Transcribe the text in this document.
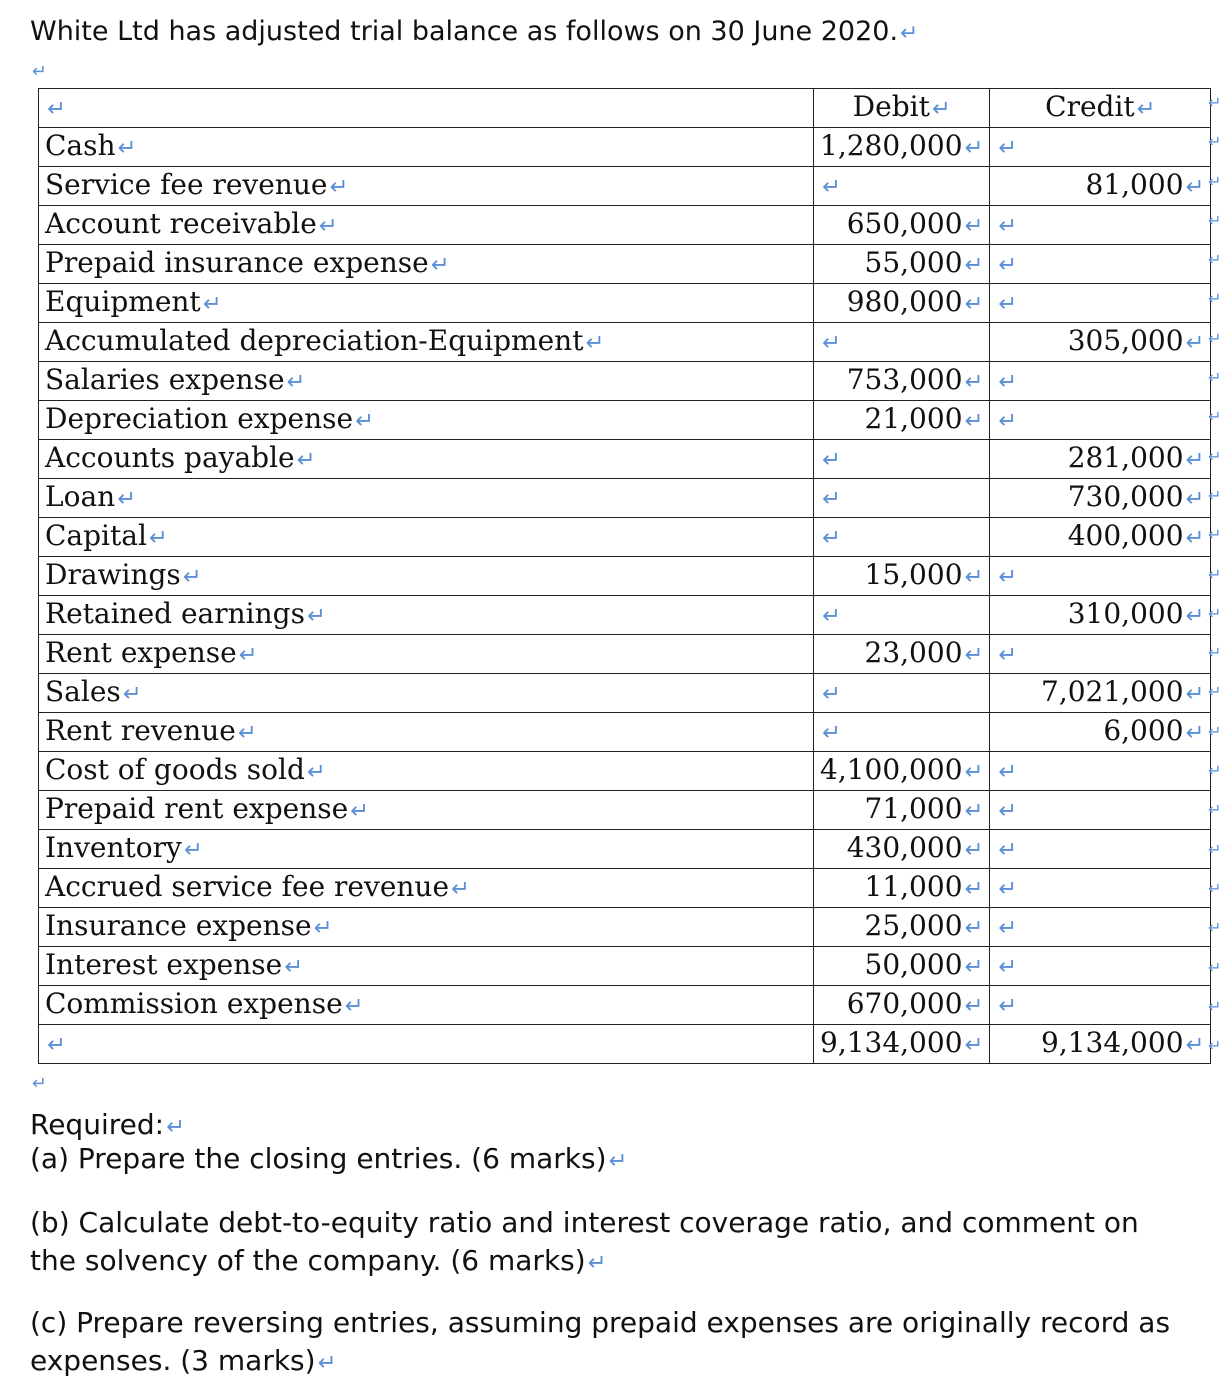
White Ltd has adjusted trial balance as follows on 30 June 2020.↵
↵
↵	Debit↵	Credit↵
Cash↵	1,280,000↵	↵
Service fee revenue↵	↵	81,000↵
Account receivable↵	650,000↵	↵
Prepaid insurance expense↵	55,000↵	↵
Equipment↵	980,000↵	↵
Accumulated depreciation-Equipment↵	↵	305,000↵
Salaries expense↵	753,000↵	↵
Depreciation expense↵	21,000↵	↵
Accounts payable↵	↵	281,000↵
Loan↵	↵	730,000↵
Capital↵	↵	400,000↵
Drawings↵	15,000↵	↵
Retained earnings↵	↵	310,000↵
Rent expense↵	23,000↵	↵
Sales↵	↵	7,021,000↵
Rent revenue↵	↵	6,000↵
Cost of goods sold↵	4,100,000↵	↵
Prepaid rent expense↵	71,000↵	↵
Inventory↵	430,000↵	↵
Accrued service fee revenue↵	11,000↵	↵
Insurance expense↵	25,000↵	↵
Interest expense↵	50,000↵	↵
Commission expense↵	670,000↵	↵
↵	9,134,000↵	9,134,000↵
↵
↵
↵
↵
↵
↵
↵
↵
↵
↵
↵
↵
↵
↵
↵
↵
↵
↵
↵
↵
↵
↵
↵
↵
↵
↵
Required:↵
(a) Prepare the closing entries. (6 marks)↵
(b) Calculate debt-to-equity ratio and interest coverage ratio, and comment on the solvency of the company. (6 marks)↵
(c) Prepare reversing entries, assuming prepaid expenses are originally record as expenses. (3 marks)↵
